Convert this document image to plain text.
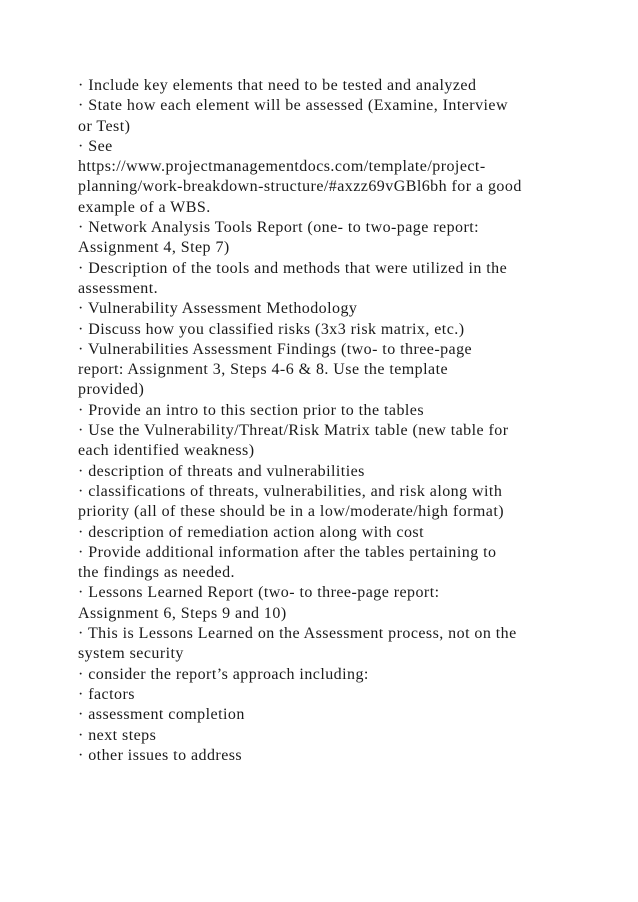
· Include key elements that need to be tested and analyzed
· State how each element will be assessed (Examine, Interview
or Test)
· See
https://www.projectmanagementdocs.com/template/project-
planning/work-breakdown-structure/#axzz69vGBl6bh for a good
example of a WBS.
· Network Analysis Tools Report (one- to two-page report:
Assignment 4, Step 7)
· Description of the tools and methods that were utilized in the
assessment.
· Vulnerability Assessment Methodology
· Discuss how you classified risks (3x3 risk matrix, etc.)
· Vulnerabilities Assessment Findings (two- to three-page
report: Assignment 3, Steps 4-6 & 8. Use the template
provided)
· Provide an intro to this section prior to the tables
· Use the Vulnerability/Threat/Risk Matrix table (new table for
each identified weakness)
· description of threats and vulnerabilities
· classifications of threats, vulnerabilities, and risk along with
priority (all of these should be in a low/moderate/high format)
· description of remediation action along with cost
· Provide additional information after the tables pertaining to
the findings as needed.
· Lessons Learned Report (two- to three-page report:
Assignment 6, Steps 9 and 10)
· This is Lessons Learned on the Assessment process, not on the
system security
· consider the report’s approach including:
· factors
· assessment completion
· next steps
· other issues to address
